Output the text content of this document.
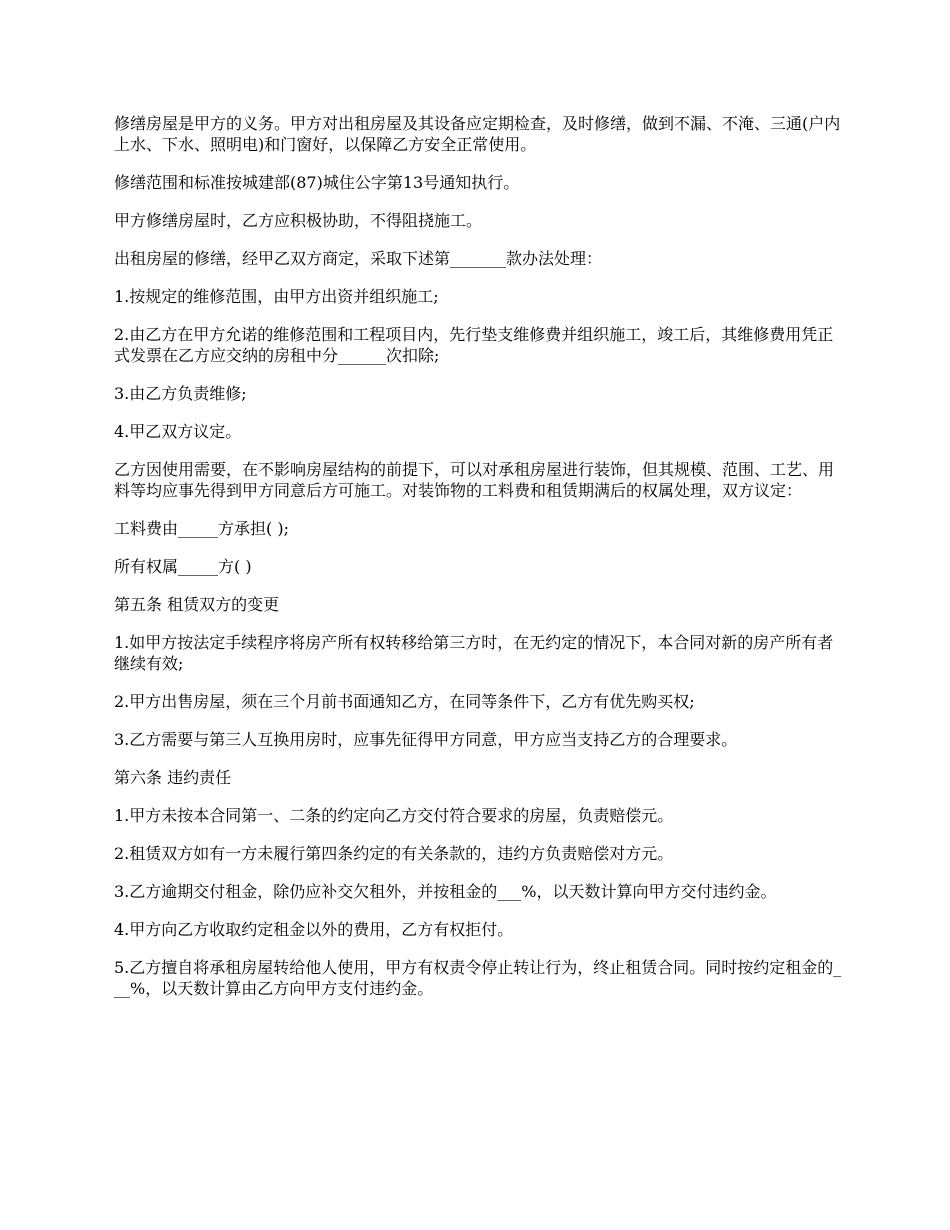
修缮房屋是甲方的义务。甲方对出租房屋及其设备应定期检查，及时修缮，做到不漏、不淹、三通(户内上水、下水、照明电)和门窗好，以保障乙方安全正常使用。

修缮范围和标准按城建部(87)城住公字第13号通知执行。

甲方修缮房屋时，乙方应积极协助，不得阻挠施工。

出租房屋的修缮，经甲乙双方商定，采取下述第_______款办法处理：

1.按规定的维修范围，由甲方出资并组织施工;

2.由乙方在甲方允诺的维修范围和工程项目内，先行垫支维修费并组织施工，竣工后，其维修费用凭正式发票在乙方应交纳的房租中分______次扣除;

3.由乙方负责维修;

4.甲乙双方议定。

乙方因使用需要，在不影响房屋结构的前提下，可以对承租房屋进行装饰，但其规模、范围、工艺、用料等均应事先得到甲方同意后方可施工。对装饰物的工料费和租赁期满后的权属处理，双方议定：

工料费由_____方承担( );

所有权属_____方( )

第五条 租赁双方的变更

1.如甲方按法定手续程序将房产所有权转移给第三方时，在无约定的情况下，本合同对新的房产所有者继续有效;

2.甲方出售房屋，须在三个月前书面通知乙方，在同等条件下，乙方有优先购买权;

3.乙方需要与第三人互换用房时，应事先征得甲方同意，甲方应当支持乙方的合理要求。

第六条 违约责任

1.甲方未按本合同第一、二条的约定向乙方交付符合要求的房屋，负责赔偿元。

2.租赁双方如有一方未履行第四条约定的有关条款的，违约方负责赔偿对方元。

3.乙方逾期交付租金，除仍应补交欠租外，并按租金的___%，以天数计算向甲方交付违约金。

4.甲方向乙方收取约定租金以外的费用，乙方有权拒付。

5.乙方擅自将承租房屋转给他人使用，甲方有权责令停止转让行为，终止租赁合同。同时按约定租金的___%，以天数计算由乙方向甲方支付违约金。
